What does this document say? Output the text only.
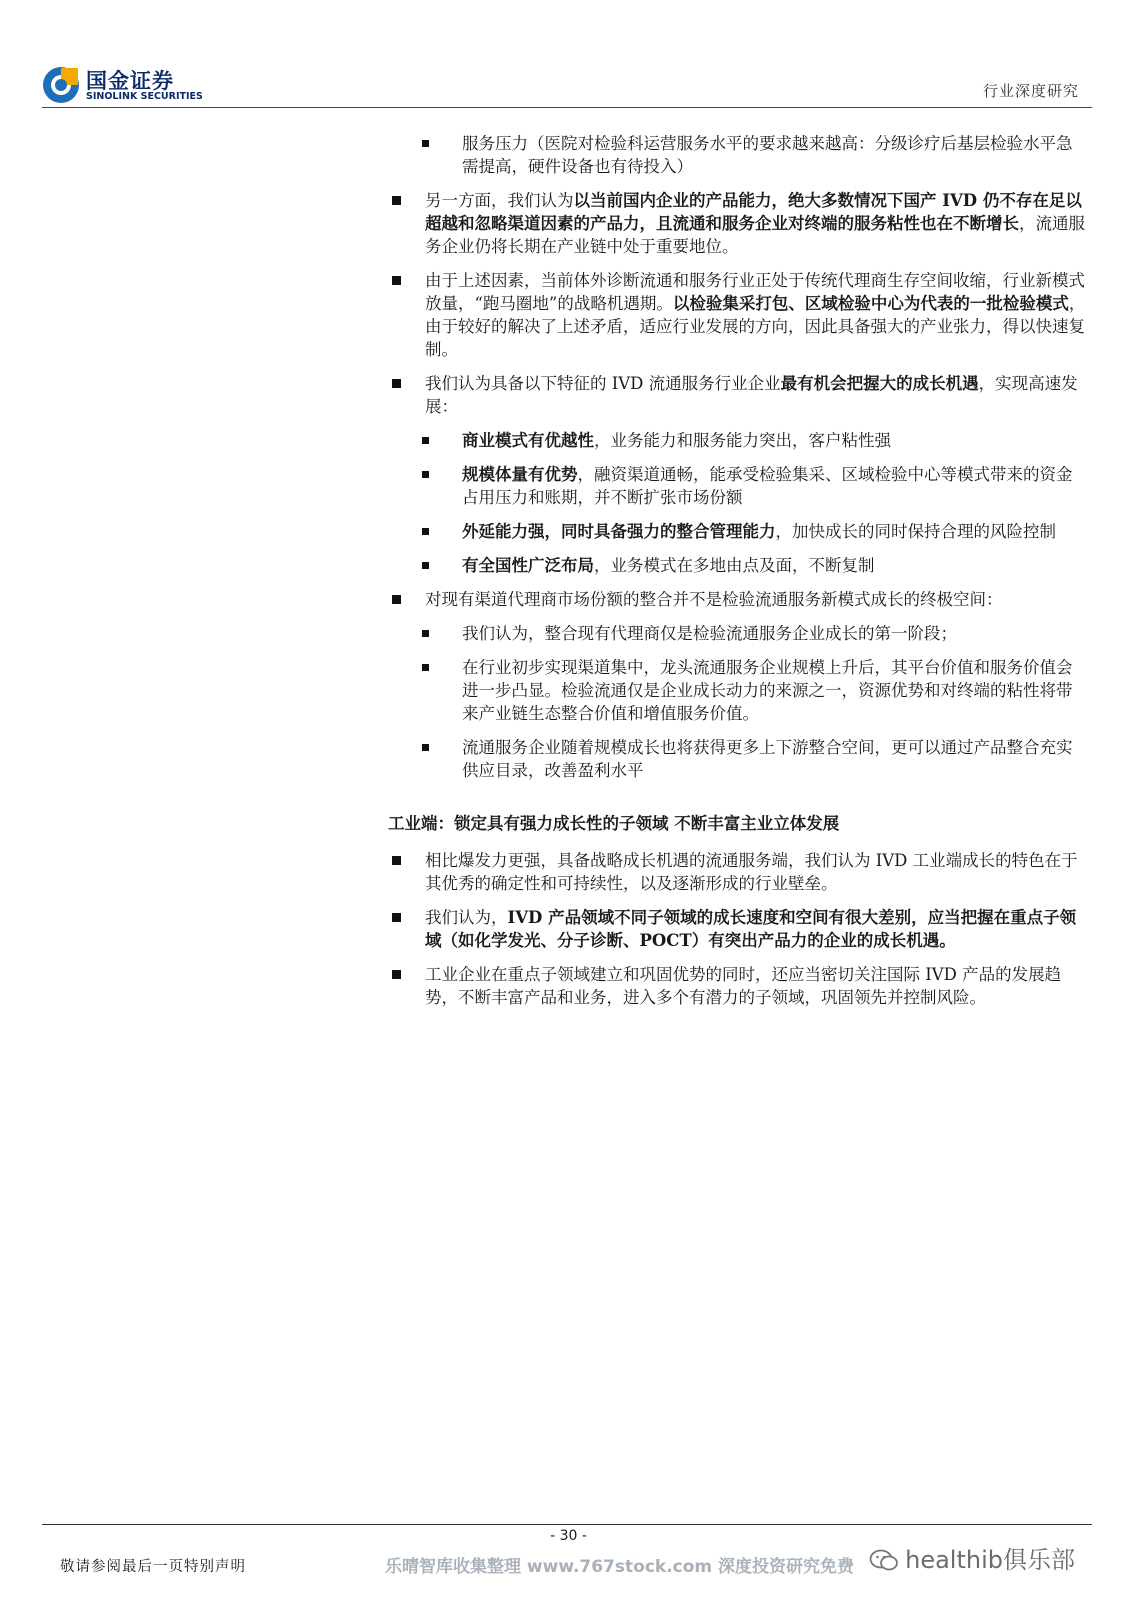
国金证券
SINOLINK SECURITIES	行业深度研究
服务压力（医院对检验科运营服务水平的要求越来越高：分级诊疗后基层检验水平急需提高，硬件设备也有待投入）
另一方面，我们认为以当前国内企业的产品能力，绝大多数情况下国产 IVD 仍不存在足以超越和忽略渠道因素的产品力，且流通和服务企业对终端的服务粘性也在不断增长，流通服务企业仍将长期在产业链中处于重要地位。
由于上述因素，当前体外诊断流通和服务行业正处于传统代理商生存空间收缩，行业新模式放量，“跑马圈地”的战略机遇期。以检验集采打包、区域检验中心为代表的一批检验模式，由于较好的解决了上述矛盾，适应行业发展的方向，因此具备强大的产业张力，得以快速复制。
我们认为具备以下特征的 IVD 流通服务行业企业最有机会把握大的成长机遇，实现高速发展：
商业模式有优越性，业务能力和服务能力突出，客户粘性强
规模体量有优势，融资渠道通畅，能承受检验集采、区域检验中心等模式带来的资金占用压力和账期，并不断扩张市场份额
外延能力强，同时具备强力的整合管理能力，加快成长的同时保持合理的风险控制
有全国性广泛布局，业务模式在多地由点及面，不断复制
对现有渠道代理商市场份额的整合并不是检验流通服务新模式成长的终极空间：
我们认为，整合现有代理商仅是检验流通服务企业成长的第一阶段；
在行业初步实现渠道集中，龙头流通服务企业规模上升后，其平台价值和服务价值会进一步凸显。检验流通仅是企业成长动力的来源之一，资源优势和对终端的粘性将带来产业链生态整合价值和增值服务价值。
流通服务企业随着规模成长也将获得更多上下游整合空间，更可以通过产品整合充实供应目录，改善盈利水平
工业端：锁定具有强力成长性的子领域 不断丰富主业立体发展
相比爆发力更强，具备战略成长机遇的流通服务端，我们认为 IVD 工业端成长的特色在于其优秀的确定性和可持续性，以及逐渐形成的行业壁垒。
我们认为，IVD 产品领域不同子领域的成长速度和空间有很大差别，应当把握在重点子领域（如化学发光、分子诊断、POCT）有突出产品力的企业的成长机遇。
工业企业在重点子领域建立和巩固优势的同时，还应当密切关注国际 IVD 产品的发展趋势，不断丰富产品和业务，进入多个有潜力的子领域，巩固领先并控制风险。
- 30 -
敬请参阅最后一页特别声明	乐晴智库收集整理 www.767stock.com 深度投资研究免费	healthib俱乐部
